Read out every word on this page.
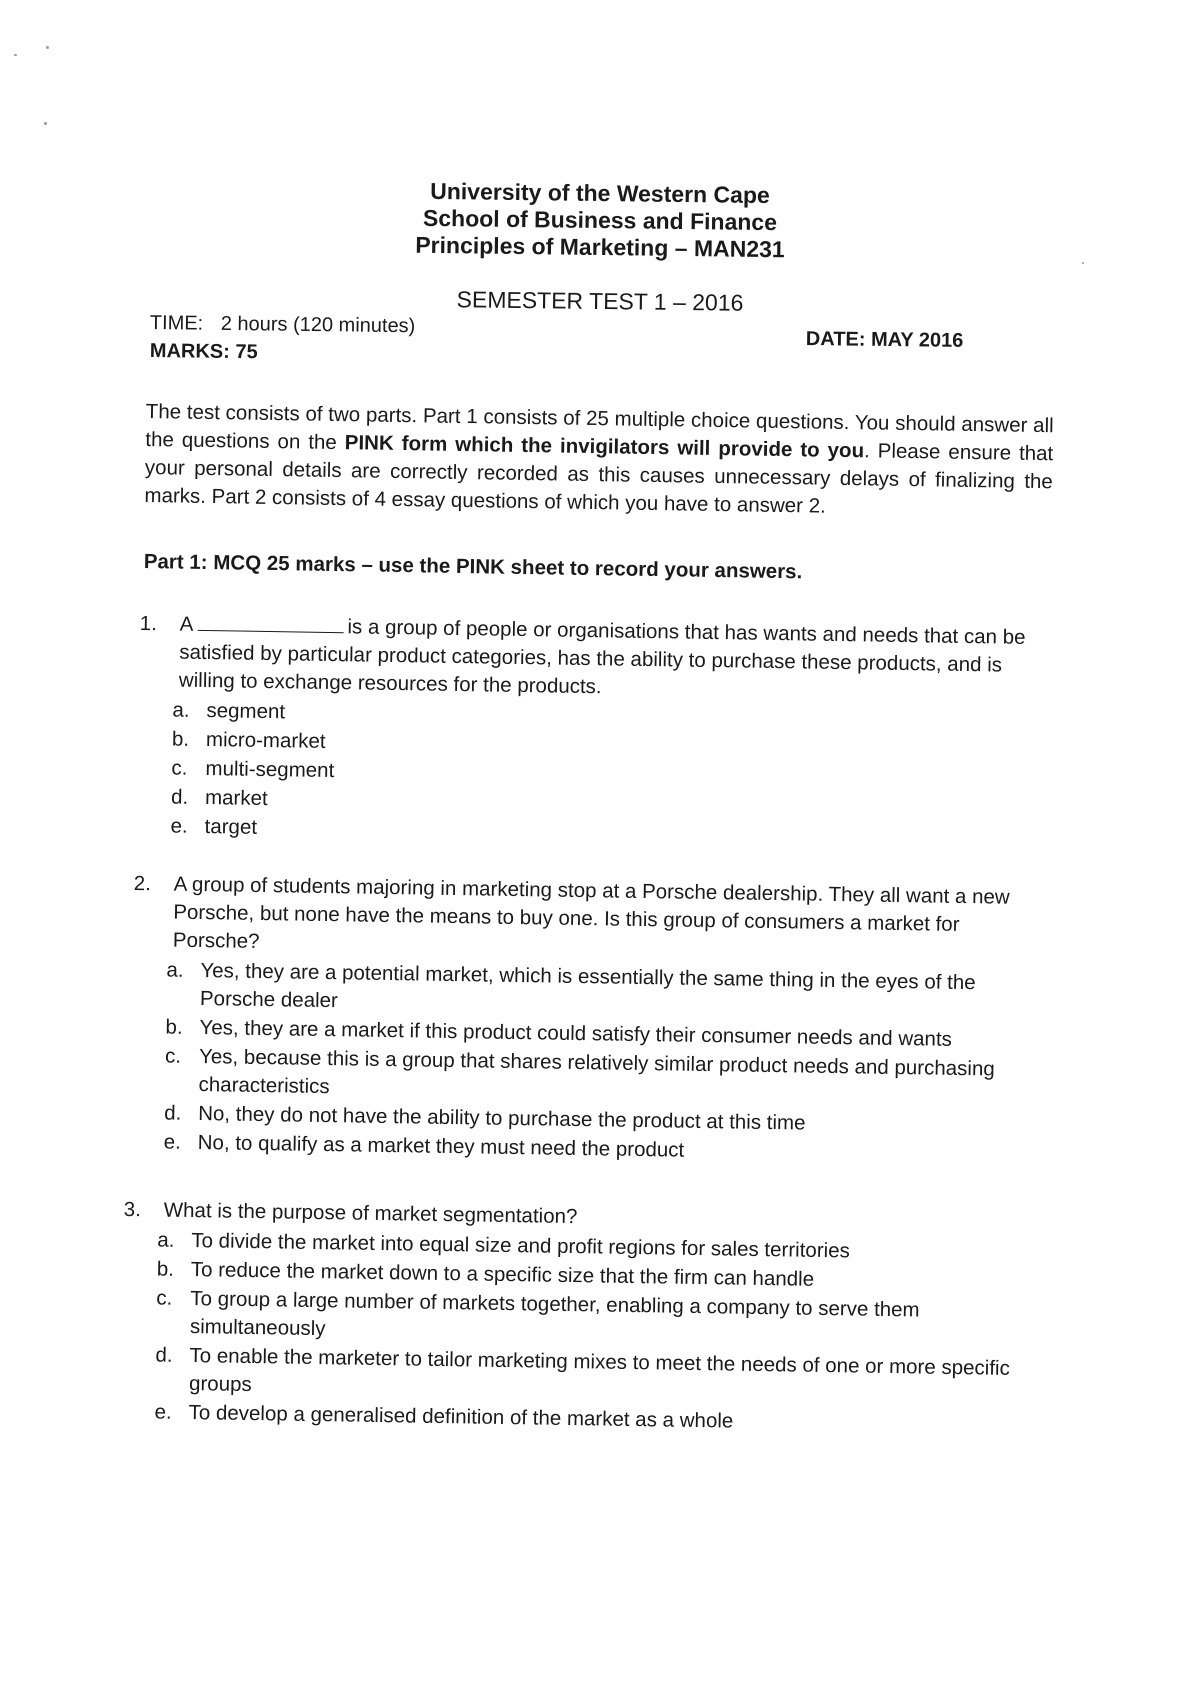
University of the Western Cape
School of Business and Finance
Principles of Marketing – MAN231
SEMESTER TEST 1 – 2016
TIME: 2 hours (120 minutes)
MARKS: 75	DATE: MAY 2016
The test consists of two parts. Part 1 consists of 25 multiple choice questions. You should answer all the questions on the PINK form which the invigilators will provide to you. Please ensure that your personal details are correctly recorded as this causes unnecessary delays of finalizing the marks. Part 2 consists of 4 essay questions of which you have to answer 2.
Part 1: MCQ 25 marks – use the PINK sheet to record your answers.
1.	A	is a group of people or organisations that has wants and needs that can be satisfied by particular product categories, has the ability to purchase these products, and is willing to exchange resources for the products.
a. segment
b. micro-market
c. multi-segment
d. market
e. target
2.	A group of students majoring in marketing stop at a Porsche dealership. They all want a new Porsche, but none have the means to buy one. Is this group of consumers a market for Porsche?
a. Yes, they are a potential market, which is essentially the same thing in the eyes of the Porsche dealer
b. Yes, they are a market if this product could satisfy their consumer needs and wants
c. Yes, because this is a group that shares relatively similar product needs and purchasing characteristics
d. No, they do not have the ability to purchase the product at this time
e. No, to qualify as a market they must need the product
3.	What is the purpose of market segmentation?
a. To divide the market into equal size and profit regions for sales territories
b. To reduce the market down to a specific size that the firm can handle
c. To group a large number of markets together, enabling a company to serve them simultaneously
d. To enable the marketer to tailor marketing mixes to meet the needs of one or more specific groups
e. To develop a generalised definition of the market as a whole
